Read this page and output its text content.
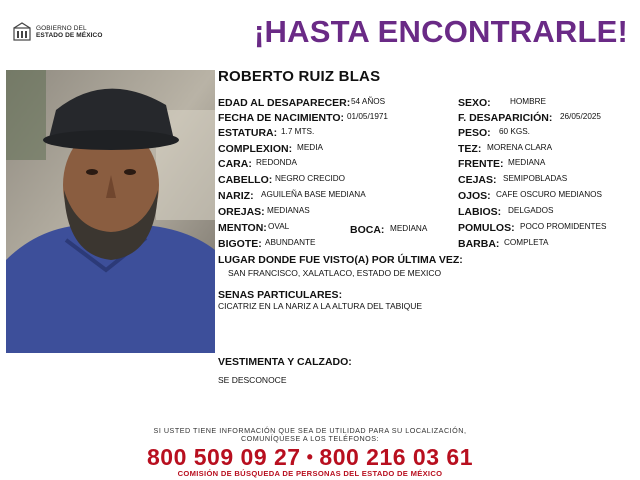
GOBIERNO DEL
ESTADO DE MÉXICO	¡HASTA ENCONTRARLE!
ROBERTO RUIZ BLAS
EDAD AL DESAPARECER: 54 AÑOS
FECHA DE NACIMIENTO: 01/05/1971
ESTATURA: 1.7 MTS.
COMPLEXION: MEDIA
CARA: REDONDA
CABELLO: NEGRO CRECIDO
NARIZ: AGUILEÑA BASE MEDIANA
OREJAS: MEDIANAS
MENTON: OVAL	BOCA: MEDIANA
BIGOTE: ABUNDANTE
SEXO: HOMBRE
F. DESAPARICIÓN: 26/05/2025
PESO: 60 KGS.
TEZ: MORENA CLARA
FRENTE: MEDIANA
CEJAS: SEMIPOBLADAS
OJOS: CAFE OSCURO MEDIANOS
LABIOS: DELGADOS
POMULOS: POCO PROMIDENTES
BARBA: COMPLETA
LUGAR DONDE FUE VISTO(A) POR ÚLTIMA VEZ:
SAN FRANCISCO, XALATLACO, ESTADO DE MEXICO
SENAS PARTICULARES:
CICATRIZ EN LA NARIZ A LA ALTURA DEL TABIQUE
VESTIMENTA Y CALZADO:
SE DESCONOCE
SI USTED TIENE INFORMACIÓN QUE SEA DE UTILIDAD PARA SU LOCALIZACIÓN,
COMUNÍQUESE A LOS TELÉFONOS:
800 509 09 27 • 800 216 03 61
COMISIÓN DE BÚSQUEDA DE PERSONAS DEL ESTADO DE MÉXICO
